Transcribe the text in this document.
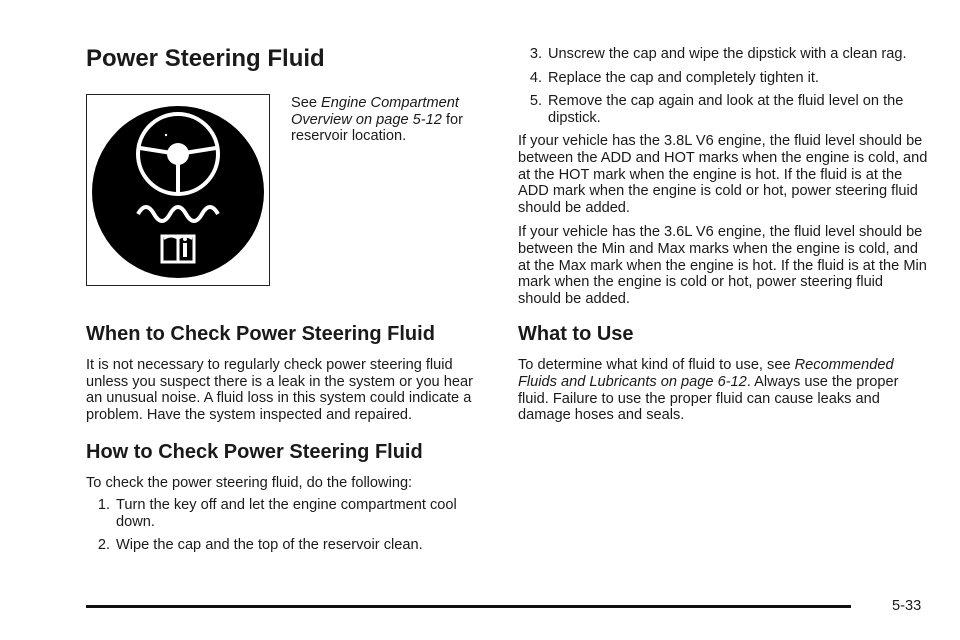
Power Steering Fluid

See Engine Compartment Overview on page 5-12 for reservoir location.

When to Check Power Steering Fluid

It is not necessary to regularly check power steering fluid unless you suspect there is a leak in the system or you hear an unusual noise. A fluid loss in this system could indicate a problem. Have the system inspected and repaired.

How to Check Power Steering Fluid

To check the power steering fluid, do the following:

1. Turn the key off and let the engine compartment cool down.
2. Wipe the cap and the top of the reservoir clean.
3. Unscrew the cap and wipe the dipstick with a clean rag.
4. Replace the cap and completely tighten it.
5. Remove the cap again and look at the fluid level on the dipstick.

If your vehicle has the 3.8L V6 engine, the fluid level should be between the ADD and HOT marks when the engine is cold, and at the HOT mark when the engine is hot. If the fluid is at the ADD mark when the engine is cold or hot, power steering fluid should be added.

If your vehicle has the 3.6L V6 engine, the fluid level should be between the Min and Max marks when the engine is cold, and at the Max mark when the engine is hot. If the fluid is at the Min mark when the engine is cold or hot, power steering fluid should be added.

What to Use

To determine what kind of fluid to use, see Recommended Fluids and Lubricants on page 6-12. Always use the proper fluid. Failure to use the proper fluid can cause leaks and damage hoses and seals.

5-33
